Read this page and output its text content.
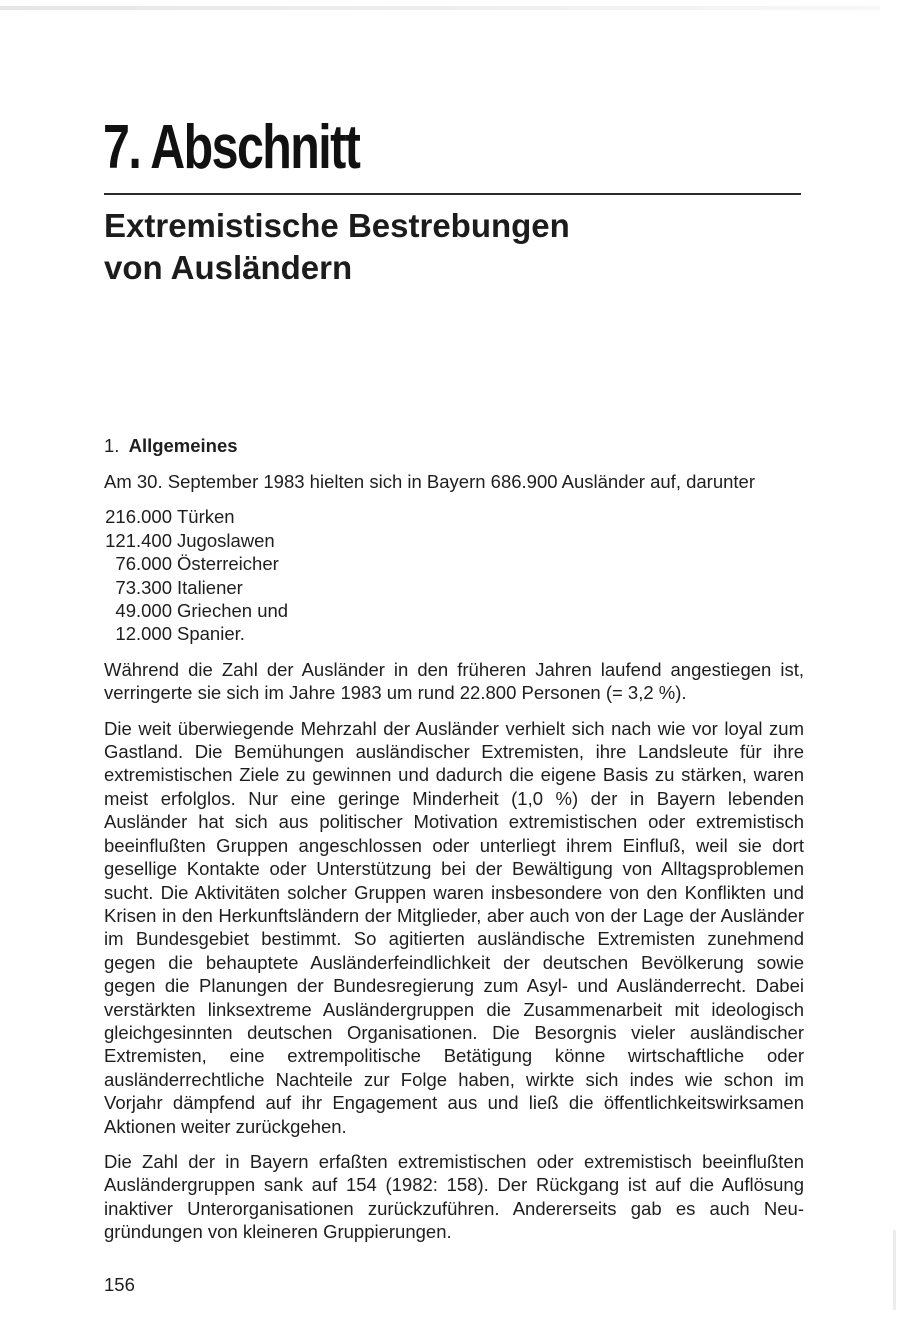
7. Abschnitt
Extremistische Bestrebungen
von Ausländern
1. Allgemeines

Am 30. September 1983 hielten sich in Bayern 686.900 Ausländer auf, darunter

216.000 Türken
121.400 Jugoslawen
76.000 Österreicher
73.300 Italiener
49.000 Griechen und
12.000 Spanier.

Während die Zahl der Ausländer in den früheren Jahren laufend angestiegen ist, verringerte sie sich im Jahre 1983 um rund 22.800 Personen (= 3,2 %).

Die weit überwiegende Mehrzahl der Ausländer verhielt sich nach wie vor loyal zum Gastland. Die Bemühungen ausländischer Extremisten, ihre Landsleute für ihre extremistischen Ziele zu gewinnen und dadurch die eigene Basis zu stärken, waren meist erfolglos. Nur eine geringe Minderheit (1,0 %) der in Bayern lebenden Ausländer hat sich aus politischer Motivation extremistischen oder extremistisch beeinflußten Gruppen angeschlossen oder unterliegt ihrem Einfluß, weil sie dort gesellige Kontakte oder Unterstützung bei der Bewältigung von Alltagsproblemen sucht. Die Aktivitäten solcher Gruppen waren insbesondere von den Konflikten und Krisen in den Herkunftsländern der Mitglieder, aber auch von der Lage der Ausländer im Bundesgebiet bestimmt. So agitierten ausländische Extremisten zunehmend gegen die behauptete Ausländerfeindlichkeit der deutschen Bevölkerung sowie gegen die Planungen der Bundesregierung zum Asyl- und Ausländerrecht. Dabei verstärkten linksextreme Ausländergruppen die Zusammenarbeit mit ideologisch gleichgesinnten deutschen Organisationen. Die Besorgnis vieler ausländischer Extremisten, eine extrempolitische Betätigung könne wirtschaftliche oder ausländerrechtliche Nachteile zur Folge haben, wirkte sich indes wie schon im Vorjahr dämpfend auf ihr Engagement aus und ließ die öffentlichkeitswirksamen Aktionen weiter zurückgehen.

Die Zahl der in Bayern erfaßten extremistischen oder extremistisch beeinflußten Ausländergruppen sank auf 154 (1982: 158). Der Rückgang ist auf die Auflösung inaktiver Unterorganisationen zurückzuführen. Andererseits gab es auch Neugründungen von kleineren Gruppierungen.

156
